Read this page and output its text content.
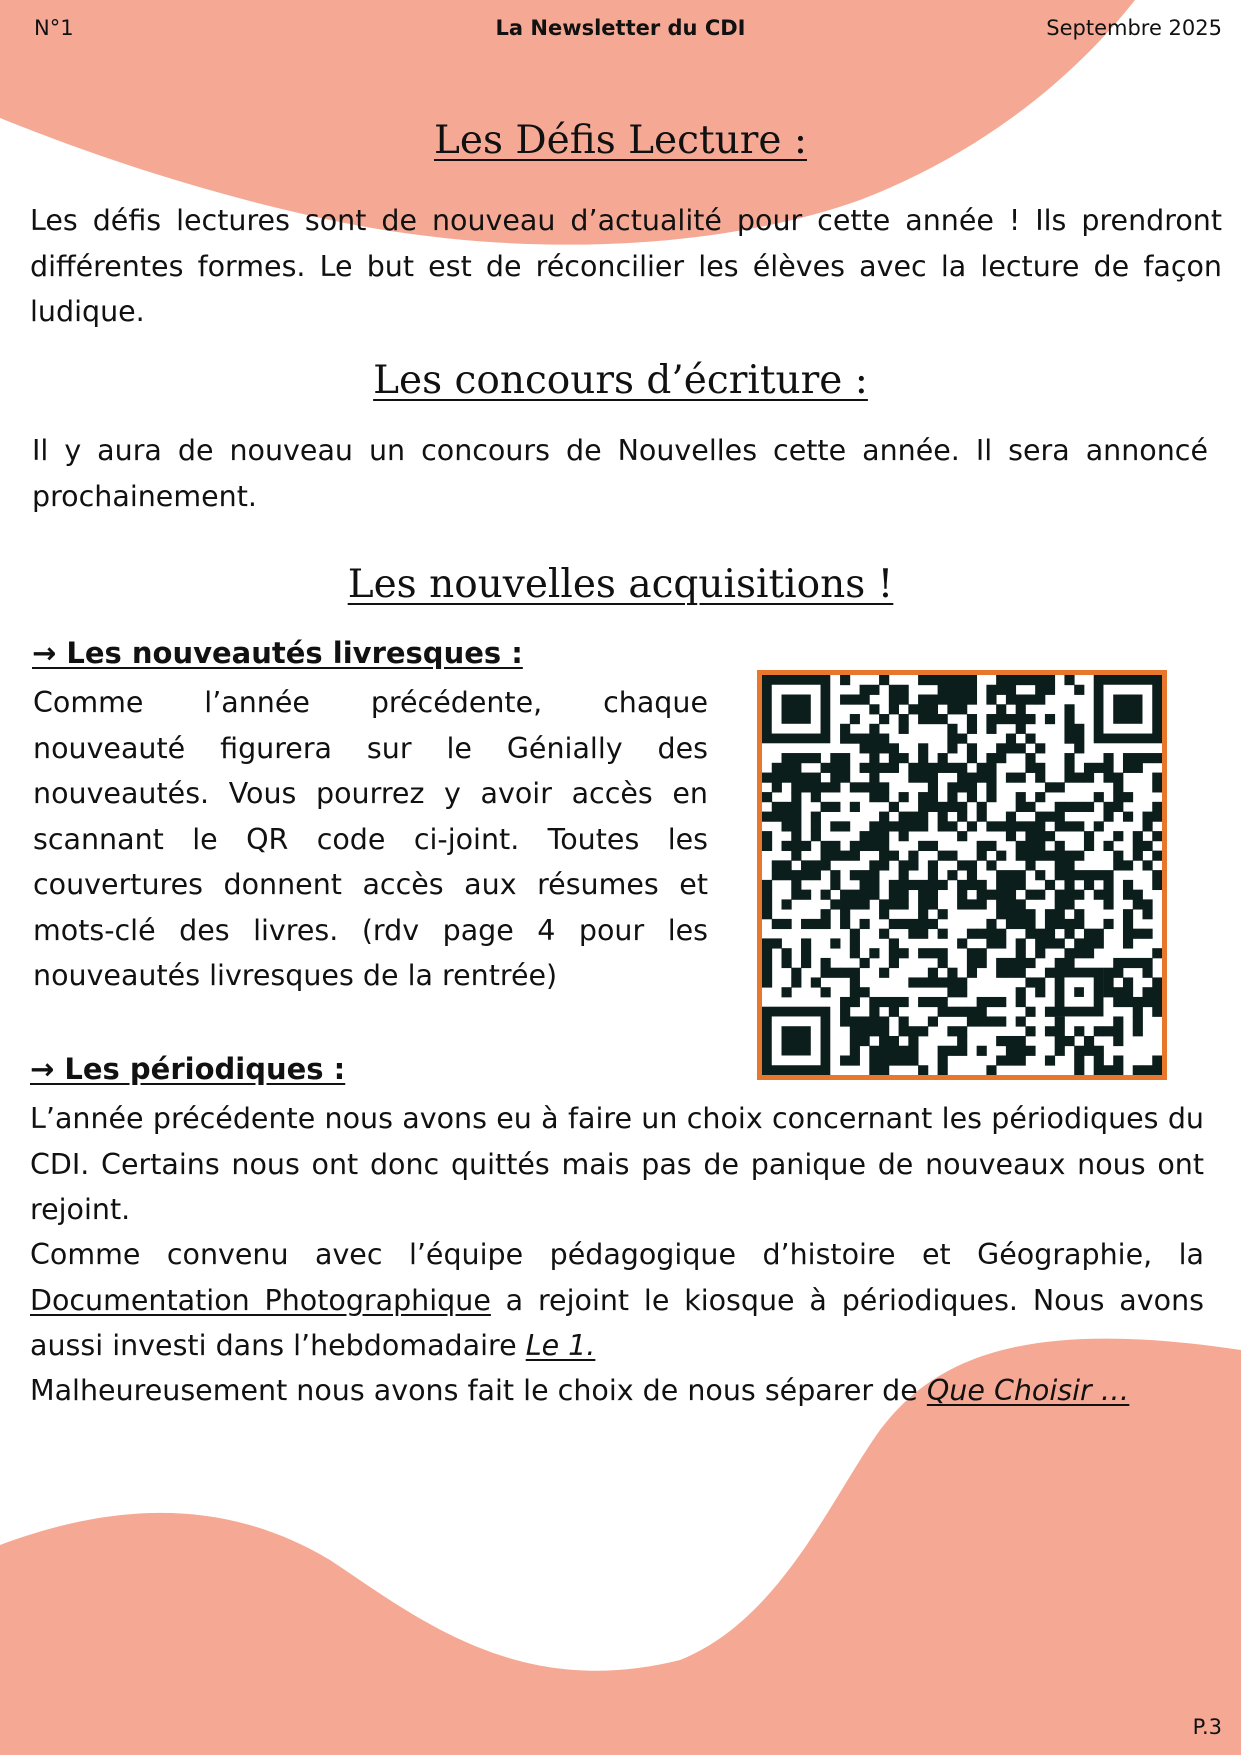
N°1	La Newsletter du CDI	Septembre 2025
Les Défis Lecture :

Les défis lectures sont de nouveau d’actualité pour cette année ! Ils prendront différentes formes. Le but est de réconcilier les élèves avec la lecture de façon ludique.

Les concours d’écriture :

Il y aura de nouveau un concours de Nouvelles cette année. Il sera annoncé prochainement.

Les nouvelles acquisitions !
→ Les nouveautés livresques :

Comme l’année précédente, chaque nouveauté figurera sur le Génially des nouveautés. Vous pourrez y avoir accès en scannant le QR code ci-joint. Toutes les couvertures donnent accès aux résumes et mots-clé des livres. (rdv page 4 pour les nouveautés livresques de la rentrée)

→ Les périodiques :

L’année précédente nous avons eu à faire un choix concernant les périodiques du CDI. Certains nous ont donc quittés mais pas de panique de nouveaux nous ont rejoint.

Comme convenu avec l’équipe pédagogique d’histoire et Géographie, la Documentation Photographique a rejoint le kiosque à périodiques. Nous avons aussi investi dans l’hebdomadaire Le 1.

Malheureusement nous avons fait le choix de nous séparer de Que Choisir …

P.3
